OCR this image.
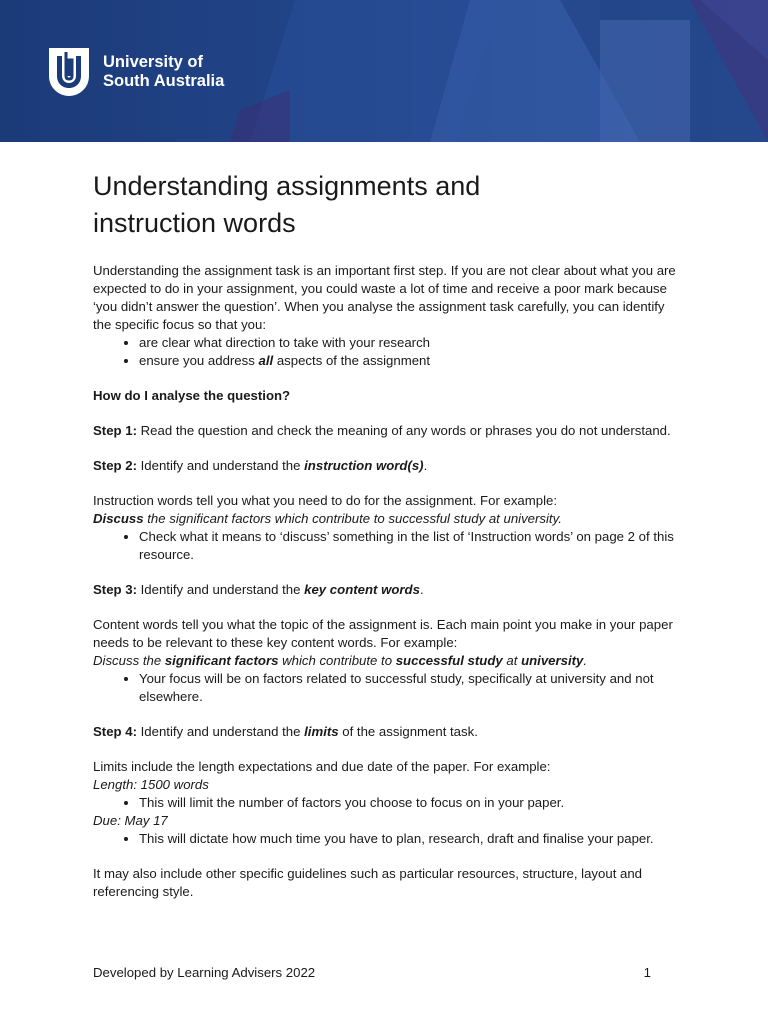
University of
South Australia
Understanding assignments and
instruction words

Understanding the assignment task is an important first step. If you are not clear about what you are expected to do in your assignment, you could waste a lot of time and receive a poor mark because ‘you didn’t answer the question’. When you analyse the assignment task carefully, you can identify the specific focus so that you:

• are clear what direction to take with your research
• ensure you address all aspects of the assignment

How do I analyse the question?

Step 1: Read the question and check the meaning of any words or phrases you do not understand.

Step 2: Identify and understand the instruction word(s).

Instruction words tell you what you need to do for the assignment. For example:

Discuss the significant factors which contribute to successful study at university.

• Check what it means to ‘discuss’ something in the list of ‘Instruction words’ on page 2 of this resource.

Step 3: Identify and understand the key content words.

Content words tell you what the topic of the assignment is. Each main point you make in your paper needs to be relevant to these key content words. For example:

Discuss the significant factors which contribute to successful study at university.

• Your focus will be on factors related to successful study, specifically at university and not elsewhere.

Step 4: Identify and understand the limits of the assignment task.

Limits include the length expectations and due date of the paper. For example:

Length: 1500 words

• This will limit the number of factors you choose to focus on in your paper.

Due: May 17

• This will dictate how much time you have to plan, research, draft and finalise your paper.

It may also include other specific guidelines such as particular resources, structure, layout and referencing style.

Developed by Learning Advisers 2022	1
